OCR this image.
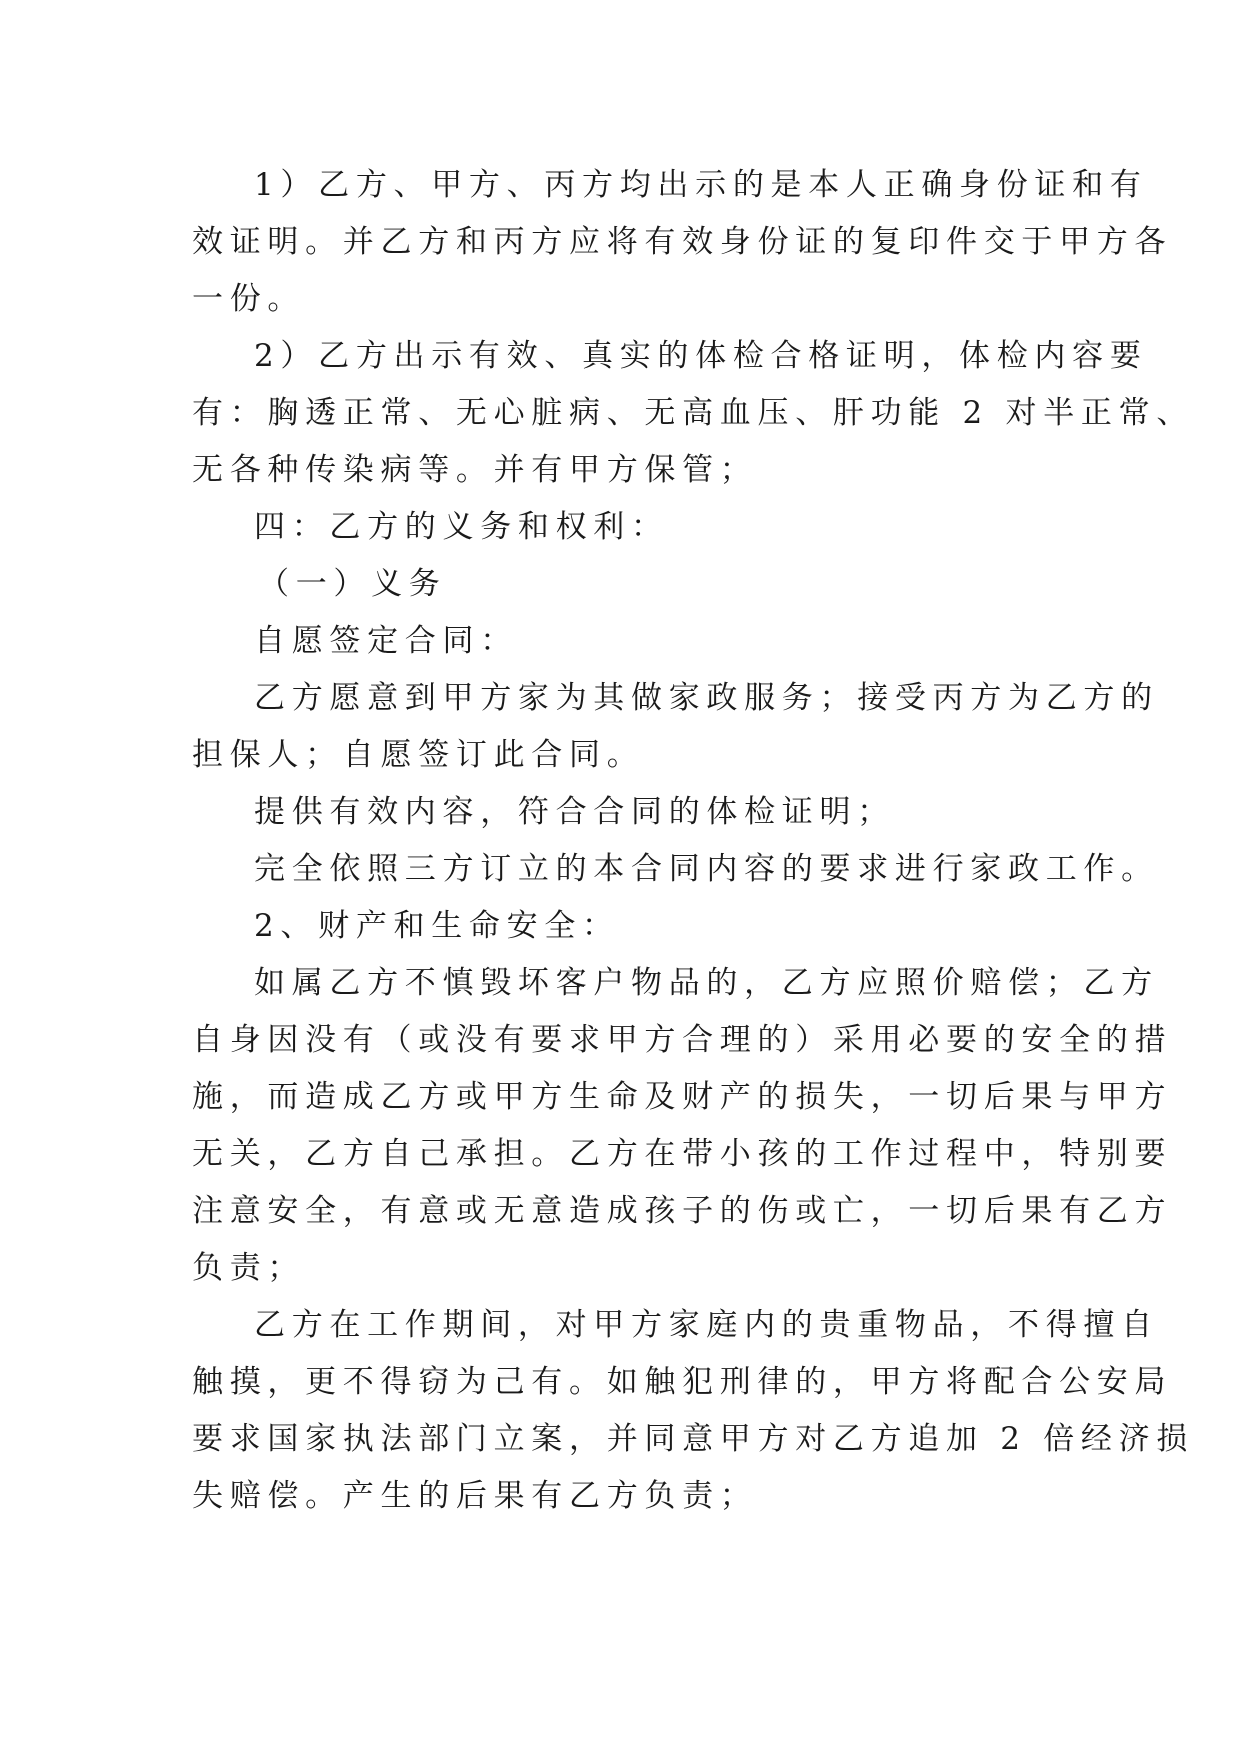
1）乙方、甲方、丙方均出示的是本人正确身份证和有
效证明。并乙方和丙方应将有效身份证的复印件交于甲方各
一份。
2）乙方出示有效、真实的体检合格证明，体检内容要
有：胸透正常、无心脏病、无高血压、肝功能 2 对半正常、
无各种传染病等。并有甲方保管；
四：乙方的义务和权利：
（一）义务
自愿签定合同：
乙方愿意到甲方家为其做家政服务；接受丙方为乙方的
担保人；自愿签订此合同。
提供有效内容，符合合同的体检证明；
完全依照三方订立的本合同内容的要求进行家政工作。
2、财产和生命安全：
如属乙方不慎毁坏客户物品的，乙方应照价赔偿；乙方
自身因没有（或没有要求甲方合理的）采用必要的安全的措
施，而造成乙方或甲方生命及财产的损失，一切后果与甲方
无关，乙方自己承担。乙方在带小孩的工作过程中，特别要
注意安全，有意或无意造成孩子的伤或亡，一切后果有乙方
负责；
乙方在工作期间，对甲方家庭内的贵重物品，不得擅自
触摸，更不得窃为己有。如触犯刑律的，甲方将配合公安局
要求国家执法部门立案，并同意甲方对乙方追加 2 倍经济损
失赔偿。产生的后果有乙方负责；
